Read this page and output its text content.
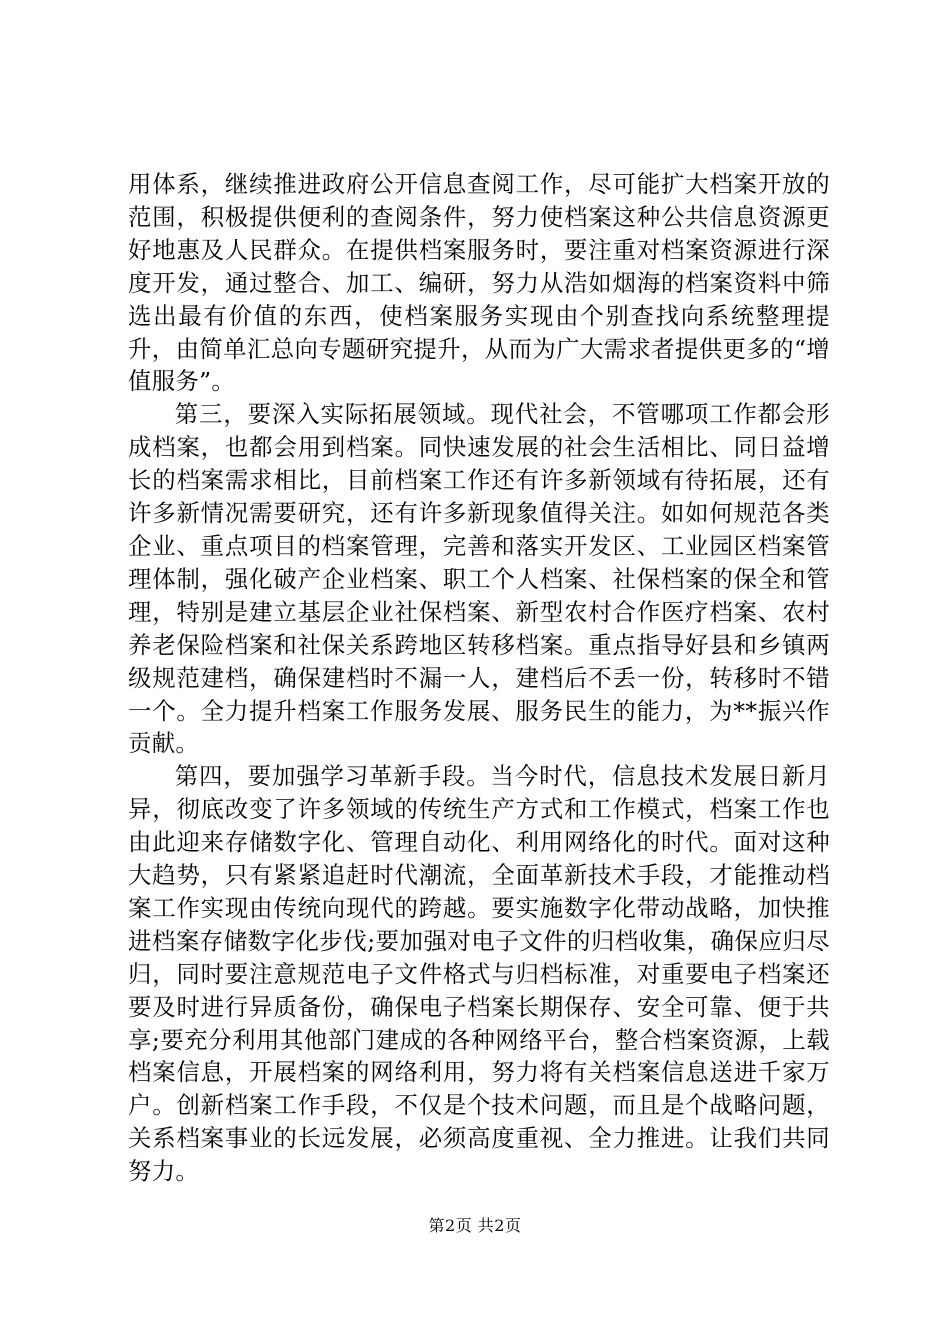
用体系，继续推进政府公开信息查阅工作，尽可能扩大档案开放的范围，积极提供便利的查阅条件，努力使档案这种公共信息资源更好地惠及人民群众。在提供档案服务时，要注重对档案资源进行深度开发，通过整合、加工、编研，努力从浩如烟海的档案资料中筛选出最有价值的东西，使档案服务实现由个别查找向系统整理提升，由简单汇总向专题研究提升，从而为广大需求者提供更多的“增值服务”。

第三，要深入实际拓展领域。现代社会，不管哪项工作都会形成档案，也都会用到档案。同快速发展的社会生活相比、同日益增长的档案需求相比，目前档案工作还有许多新领域有待拓展，还有许多新情况需要研究，还有许多新现象值得关注。如如何规范各类企业、重点项目的档案管理，完善和落实开发区、工业园区档案管理体制，强化破产企业档案、职工个人档案、社保档案的保全和管理，特别是建立基层企业社保档案、新型农村合作医疗档案、农村养老保险档案和社保关系跨地区转移档案。重点指导好县和乡镇两级规范建档，确保建档时不漏一人，建档后不丢一份，转移时不错一个。全力提升档案工作服务发展、服务民生的能力，为**振兴作贡献。

第四，要加强学习革新手段。当今时代，信息技术发展日新月异，彻底改变了许多领域的传统生产方式和工作模式，档案工作也由此迎来存储数字化、管理自动化、利用网络化的时代。面对这种大趋势，只有紧紧追赶时代潮流，全面革新技术手段，才能推动档案工作实现由传统向现代的跨越。要实施数字化带动战略，加快推进档案存储数字化步伐;要加强对电子文件的归档收集，确保应归尽归，同时要注意规范电子文件格式与归档标准，对重要电子档案还要及时进行异质备份，确保电子档案长期保存、安全可靠、便于共享;要充分利用其他部门建成的各种网络平台，整合档案资源，上载档案信息，开展档案的网络利用，努力将有关档案信息送进千家万户。创新档案工作手段，不仅是个技术问题，而且是个战略问题，关系档案事业的长远发展，必须高度重视、全力推进。让我们共同努力。

第2页 共2页
